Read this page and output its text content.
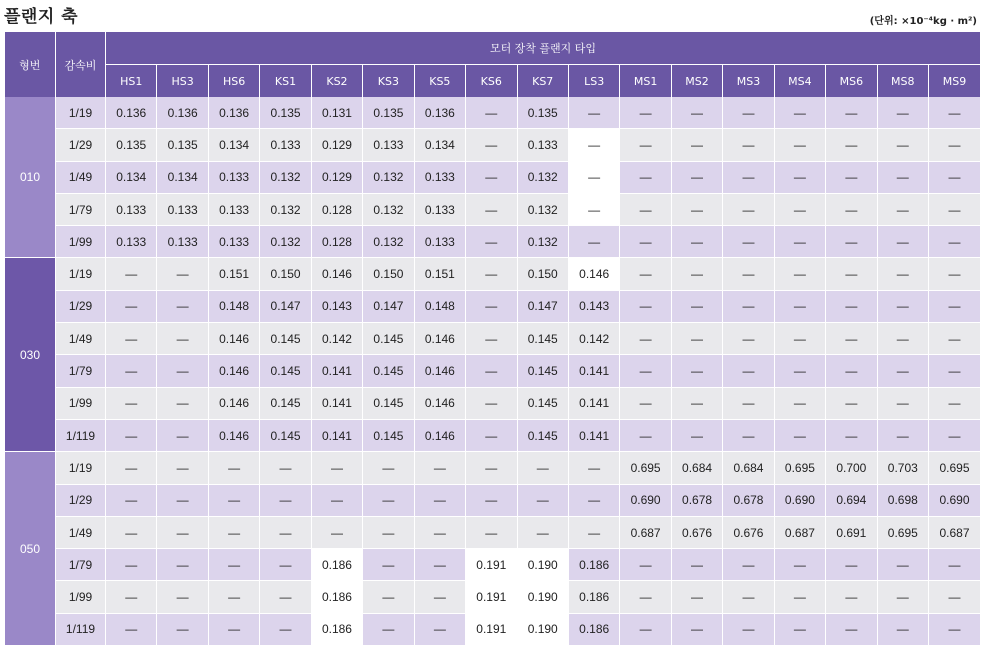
플랜지 축	(단위: ×10⁻⁴kg · m²)
형번	감속비	모터 장착 플랜지 타입																
		HS1	HS3	HS6	KS1	KS2	KS3	KS5	KS6	KS7	LS3	MS1	MS2	MS3	MS4	MS6	MS8	MS9
010	1/19	0.136	0.136	0.136	0.135	0.131	0.135	0.136	—	0.135	—	—	—	—	—	—	—	—
	1/29	0.135	0.135	0.134	0.133	0.129	0.133	0.134	—	0.133	—	—	—	—	—	—	—	—
	1/49	0.134	0.134	0.133	0.132	0.129	0.132	0.133	—	0.132	—	—	—	—	—	—	—	—
	1/79	0.133	0.133	0.133	0.132	0.128	0.132	0.133	—	0.132	—	—	—	—	—	—	—	—
	1/99	0.133	0.133	0.133	0.132	0.128	0.132	0.133	—	0.132	—	—	—	—	—	—	—	—
030	1/19	—	—	0.151	0.150	0.146	0.150	0.151	—	0.150	0.146	—	—	—	—	—	—	—
	1/29	—	—	0.148	0.147	0.143	0.147	0.148	—	0.147	0.143	—	—	—	—	—	—	—
	1/49	—	—	0.146	0.145	0.142	0.145	0.146	—	0.145	0.142	—	—	—	—	—	—	—
	1/79	—	—	0.146	0.145	0.141	0.145	0.146	—	0.145	0.141	—	—	—	—	—	—	—
	1/99	—	—	0.146	0.145	0.141	0.145	0.146	—	0.145	0.141	—	—	—	—	—	—	—
	1/119	—	—	0.146	0.145	0.141	0.145	0.146	—	0.145	0.141	—	—	—	—	—	—	—
050	1/19	—	—	—	—	—	—	—	—	—	—	0.695	0.684	0.684	0.695	0.700	0.703	0.695
	1/29	—	—	—	—	—	—	—	—	—	—	0.690	0.678	0.678	0.690	0.694	0.698	0.690
	1/49	—	—	—	—	—	—	—	—	—	—	0.687	0.676	0.676	0.687	0.691	0.695	0.687
	1/79	—	—	—	—	0.186	—	—	0.191	0.190	0.186	—	—	—	—	—	—	—
	1/99	—	—	—	—	0.186	—	—	0.191	0.190	0.186	—	—	—	—	—	—	—
	1/119	—	—	—	—	0.186	—	—	0.191	0.190	0.186	—	—	—	—	—	—	—
